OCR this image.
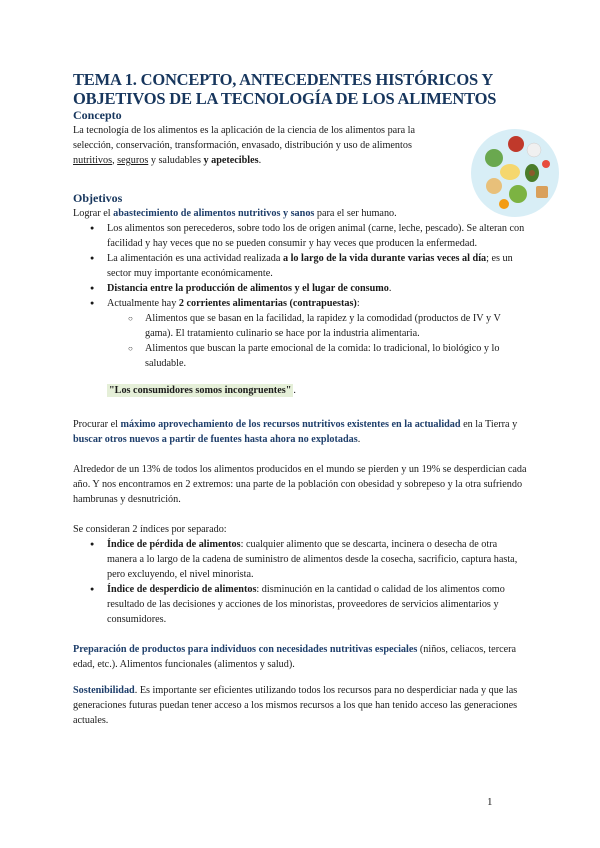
TEMA 1. CONCEPTO, ANTECEDENTES HISTÓRICOS Y OBJETIVOS DE LA TECNOLOGÍA DE LOS ALIMENTOS

Concepto

La tecnología de los alimentos es la aplicación de la ciencia de los alimentos para la selección, conservación, transformación, envasado, distribución y uso de alimentos nutritivos, seguros y saludables y apetecibles.

Objetivos

Lograr el abastecimiento de alimentos nutritivos y sanos para el ser humano.

● Los alimentos son perecederos, sobre todo los de origen animal (carne, leche, pescado). Se alteran con facilidad y hay veces que no se pueden consumir y hay veces que producen la enfermedad.
● La alimentación es una actividad realizada a lo largo de la vida durante varias veces al día; es un sector muy importante económicamente.
● Distancia entre la producción de alimentos y el lugar de consumo.
● Actualmente hay 2 corrientes alimentarias (contrapuestas):
○ Alimentos que se basan en la facilidad, la rapidez y la comodidad (productos de IV y V gama). El tratamiento culinario se hace por la industria alimentaria.
○ Alimentos que buscan la parte emocional de la comida: lo tradicional, lo biológico y lo saludable.

"Los consumidores somos incongruentes" .

Procurar el máximo aprovechamiento de los recursos nutritivos existentes en la actualidad en la Tierra y buscar otros nuevos a partir de fuentes hasta ahora no explotadas.

Alrededor de un 13% de todos los alimentos producidos en el mundo se pierden y un 19% se desperdician cada año. Y nos encontramos en 2 extremos: una parte de la población con obesidad y sobrepeso y la otra sufriendo hambrunas y desnutrición.

Se consideran 2 índices por separado:

● Índice de pérdida de alimentos: cualquier alimento que se descarta, incinera o desecha de otra manera a lo largo de la cadena de suministro de alimentos desde la cosecha, sacrificio, captura hasta, pero excluyendo, el nivel minorista.
● Índice de desperdicio de alimentos: disminución en la cantidad o calidad de los alimentos como resultado de las decisiones y acciones de los minoristas, proveedores de servicios alimentarios y consumidores.

Preparación de productos para individuos con necesidades nutritivas especiales (niños, celiacos, tercera edad, etc.). Alimentos funcionales (alimentos y salud).

Sostenibilidad. Es importante ser eficientes utilizando todos los recursos para no desperdiciar nada y que las generaciones futuras puedan tener acceso a los mismos recursos a los que han tenido acceso las generaciones actuales.

1
